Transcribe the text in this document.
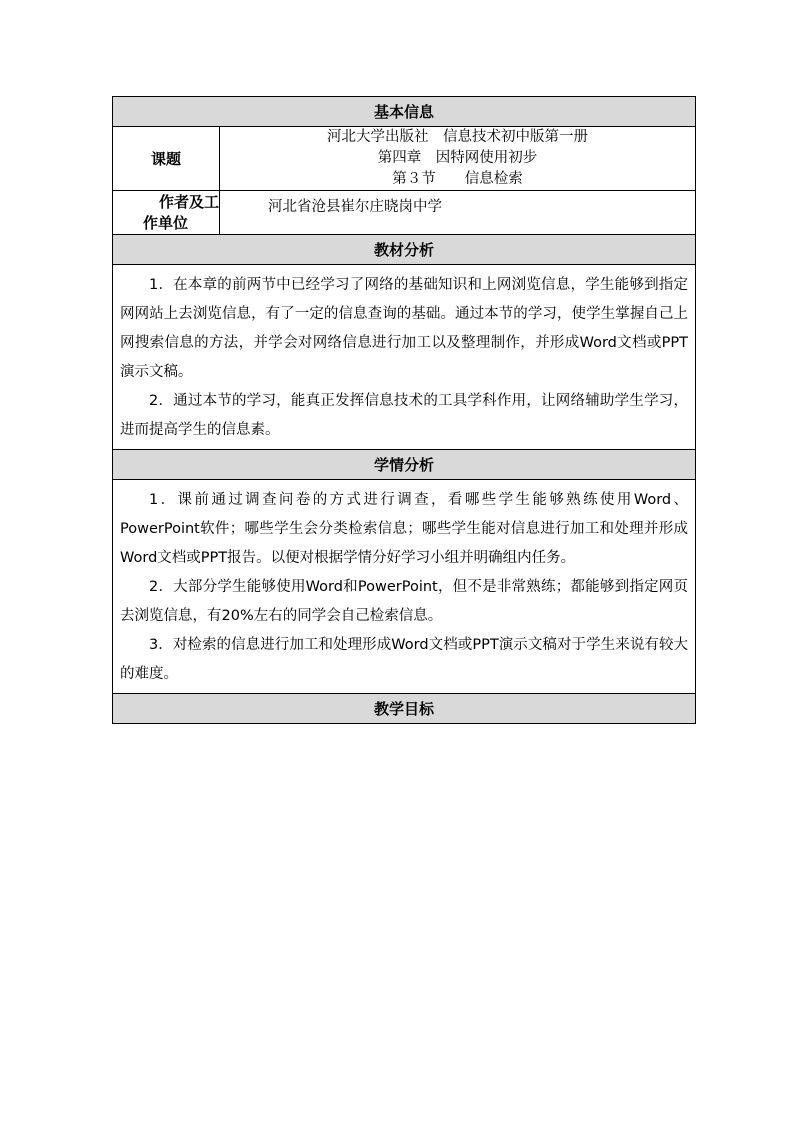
基本信息	
课题	河北大学出版社　信息技术初中版第一册
第四章　因特网使用初步
第３节　　信息检索

作者及工
作单位	河北省沧县崔尔庄晓岗中学
教材分析	

1．在本章的前两节中已经学习了网络的基础知识和上网浏览信息，学生能够到指定网网站上去浏览信息，有了一定的信息查询的基础。通过本节的学习，使学生掌握自己上网搜索信息的方法，并学会对网络信息进行加工以及整理制作，并形成Word文档或PPT演示文稿。

2．通过本节的学习，能真正发挥信息技术的工具学科作用，让网络辅助学生学习，进而提高学生的信息素。	

学情分析	

1．课前通过调查问卷的方式进行调查，看哪些学生能够熟练使用Word、PowerPoint软件；哪些学生会分类检索信息；哪些学生能对信息进行加工和处理并形成Word文档或PPT报告。以便对根据学情分好学习小组并明确组内任务。

2．大部分学生能够使用Word和PowerPoint，但不是非常熟练；都能够到指定网页去浏览信息，有20%左右的同学会自己检索信息。

3．对检索的信息进行加工和处理形成Word文档或PPT演示文稿对于学生来说有较大的难度。	

教学目标	
